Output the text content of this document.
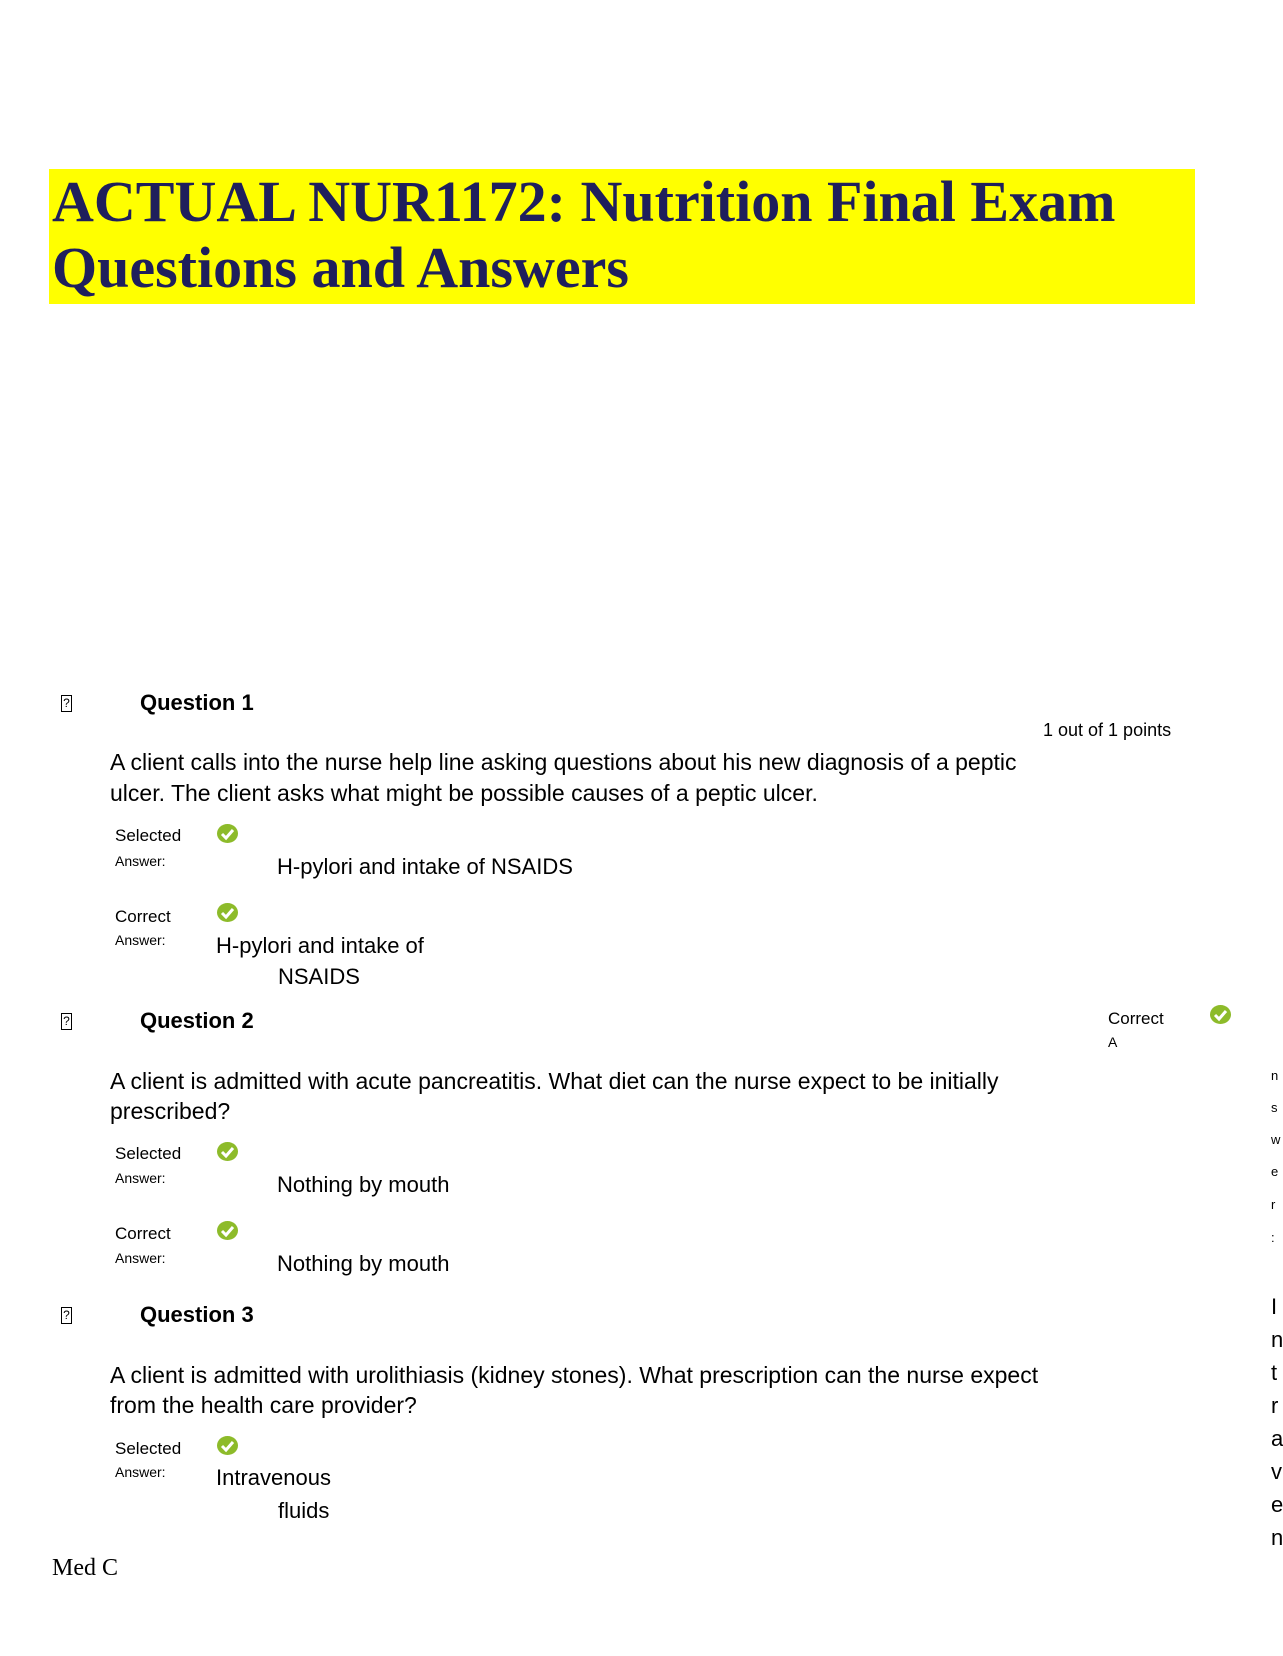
ACTUAL NUR1172: Nutrition Final Exam
Questions and Answers
?	Question 1
1 out of 1 points
A client calls into the nurse help line asking questions about his new diagnosis of a peptic
ulcer. The client asks what might be possible causes of a peptic ulcer.
Selected
Answer:	H-pylori and intake of NSAIDS
Correct
Answer: H-pylori and intake of
NSAIDS
?	Question 2	Correct
A
A client is admitted with acute pancreatitis. What diet can the nurse expect to be initially
prescribed?
Selected
Answer:	Nothing by mouth
Correct
Answer:	Nothing by mouth
n
s
w
e
r
:
I
n
t
r
a
v
e
n
?	Question 3
A client is admitted with urolithiasis (kidney stones). What prescription can the nurse expect
from the health care provider?
Selected
Answer: Intravenous
fluids
Med C
